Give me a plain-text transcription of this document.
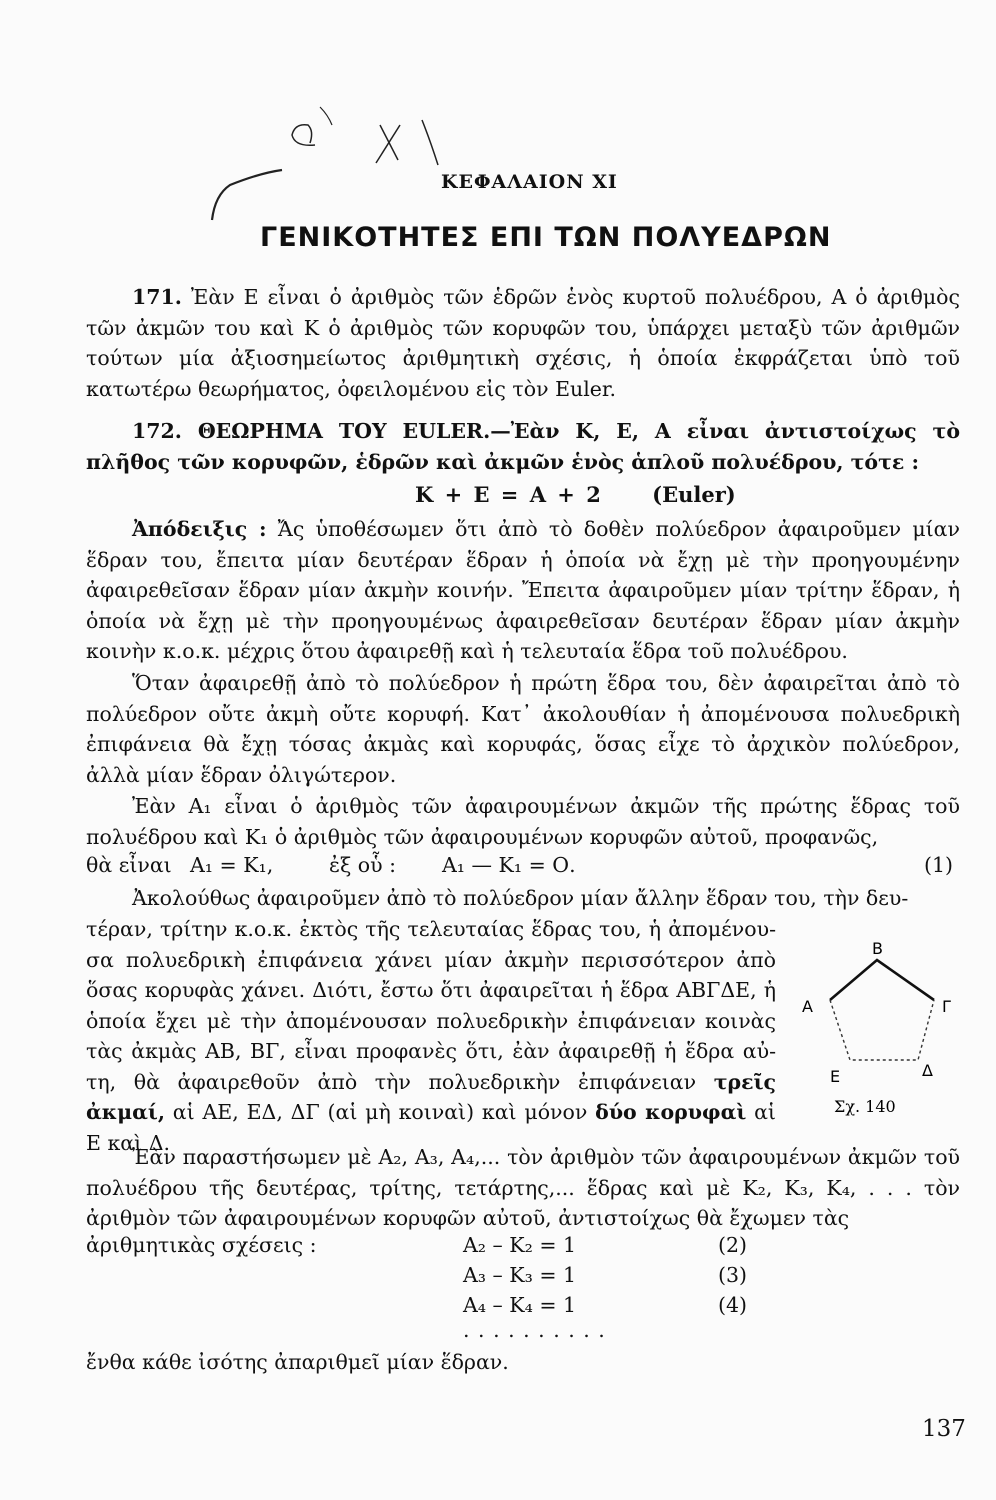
ΚΕΦΑΛΑΙΟΝ XI
ΓΕΝΙΚΟΤΗΤΕΣ ΕΠΙ ΤΩΝ ΠΟΛΥΕΔΡΩΝ
171. Ἐὰν Ε εἶναι ὁ ἀριθμὸς τῶν ἑδρῶν ἑνὸς κυρτοῦ πολυέδρου, Α ὁ ἀριθμὸς τῶν ἀκμῶν του καὶ Κ ὁ ἀριθμὸς τῶν κορυφῶν του, ὑπάρχει μεταξὺ τῶν ἀριθμῶν τούτων μία ἀξιοσημείωτος ἀριθμητικὴ σχέσις, ἡ ὁποία ἐκφράζεται ὑπὸ τοῦ κατωτέρω θεωρήματος, ὀφειλομένου εἰς τὸν Euler.
172. ΘΕΩΡΗΜΑ ΤΟΥ EULER.—Ἐὰν Κ, Ε, Α εἶναι ἀντιστοίχως τὸ πλῆθος τῶν κορυφῶν, ἑδρῶν καὶ ἀκμῶν ἑνὸς ἁπλοῦ πολυέδρου, τότε :
Κ + Ε = Α + 2 (Euler)
Ἀπόδειξις : Ἄς ὑποθέσωμεν ὅτι ἀπὸ τὸ δοθὲν πολύεδρον ἀφαιροῦμεν μίαν ἕδραν του, ἔπειτα μίαν δευτέραν ἕδραν ἡ ὁποία νὰ ἔχῃ μὲ τὴν προηγουμένην ἀφαιρεθεῖσαν ἕδραν μίαν ἀκμὴν κοινήν. Ἔπειτα ἀφαιροῦμεν μίαν τρίτην ἕδραν, ἡ ὁποία νὰ ἔχῃ μὲ τὴν προηγουμένως ἀφαιρεθεῖσαν δευτέραν ἕδραν μίαν ἀκμὴν κοινὴν κ.ο.κ. μέχρις ὅτου ἀφαιρεθῇ καὶ ἡ τελευταία ἕδρα τοῦ πολυέδρου.
Ὅταν ἀφαιρεθῇ ἀπὸ τὸ πολύεδρον ἡ πρώτη ἕδρα του, δὲν ἀφαιρεῖται ἀπὸ τὸ πολύεδρον οὔτε ἀκμὴ οὔτε κορυφή. Κατ᾿ ἀκολουθίαν ἡ ἀπομένουσα πολυεδρικὴ ἐπιφάνεια θὰ ἔχῃ τόσας ἀκμὰς καὶ κορυφάς, ὅσας εἶχε τὸ ἀρχικὸν πολύεδρον, ἀλλὰ μίαν ἕδραν ὀλιγώτερον.
Ἐὰν Α₁ εἶναι ὁ ἀριθμὸς τῶν ἀφαιρουμένων ἀκμῶν τῆς πρώτης ἕδρας τοῦ πολυέδρου καὶ Κ₁ ὁ ἀριθμὸς τῶν ἀφαιρουμένων κορυφῶν αὐτοῦ, προφανῶς,
θὰ εἶναι Α₁ = Κ₁,	ἐξ οὗ : Α₁ — Κ₁ = Ο.	(1)
Ἀκολούθως ἀφαιροῦμεν ἀπὸ τὸ πολύεδρον μίαν ἄλλην ἕδραν του, τὴν δευ-
τέραν, τρίτην κ.ο.κ. ἐκτὸς τῆς τελευταίας ἕδρας του, ἡ ἀπομένου-σα πολυεδρικὴ ἐπιφάνεια χάνει μίαν ἀκμὴν περισσότερον ἀπὸ ὅσας κορυφὰς χάνει. Διότι, ἔστω ὅτι ἀφαιρεῖται ἡ ἕδρα ΑΒΓΔΕ, ἡ ὁποία ἔχει μὲ τὴν ἀπομένουσαν πολυεδρικὴν ἐπιφάνειαν κοινὰς τὰς ἀκμὰς ΑΒ, ΒΓ, εἶναι προφανὲς ὅτι, ἐὰν ἀφαιρεθῇ ἡ ἕδρα αὐ-τη, θὰ ἀφαιρεθοῦν ἀπὸ τὴν πολυεδρικὴν ἐπιφάνειαν τρεῖς ἀκμαί, αἱ ΑΕ, ΕΔ, ΔΓ (αἱ μὴ κοιναὶ) καὶ μόνον δύο κορυφαὶ αἱ Ε καὶ Δ.
Β
Α	Γ
Ε	Δ
Σχ. 140
Ἐὰν παραστήσωμεν μὲ Α₂, Α₃, Α₄,... τὸν ἀριθμὸν τῶν ἀφαιρουμένων ἀκμῶν τοῦ πολυέδρου τῆς δευτέρας, τρίτης, τετάρτης,... ἕδρας καὶ μὲ Κ₂, Κ₃, Κ₄, . . . τὸν ἀριθμὸν τῶν ἀφαιρουμένων κορυφῶν αὐτοῦ, ἀντιστοίχως θὰ ἔχωμεν τὰς
ἀριθμητικὰς σχέσεις :	Α₂ – Κ₂ = 1	(2)
Α₃ – Κ₃ = 1	(3)
Α₄ – Κ₄ = 1	(4)
. . . . . . . . . .
ἔνθα κάθε ἰσότης ἀπαριθμεῖ μίαν ἕδραν.
137
